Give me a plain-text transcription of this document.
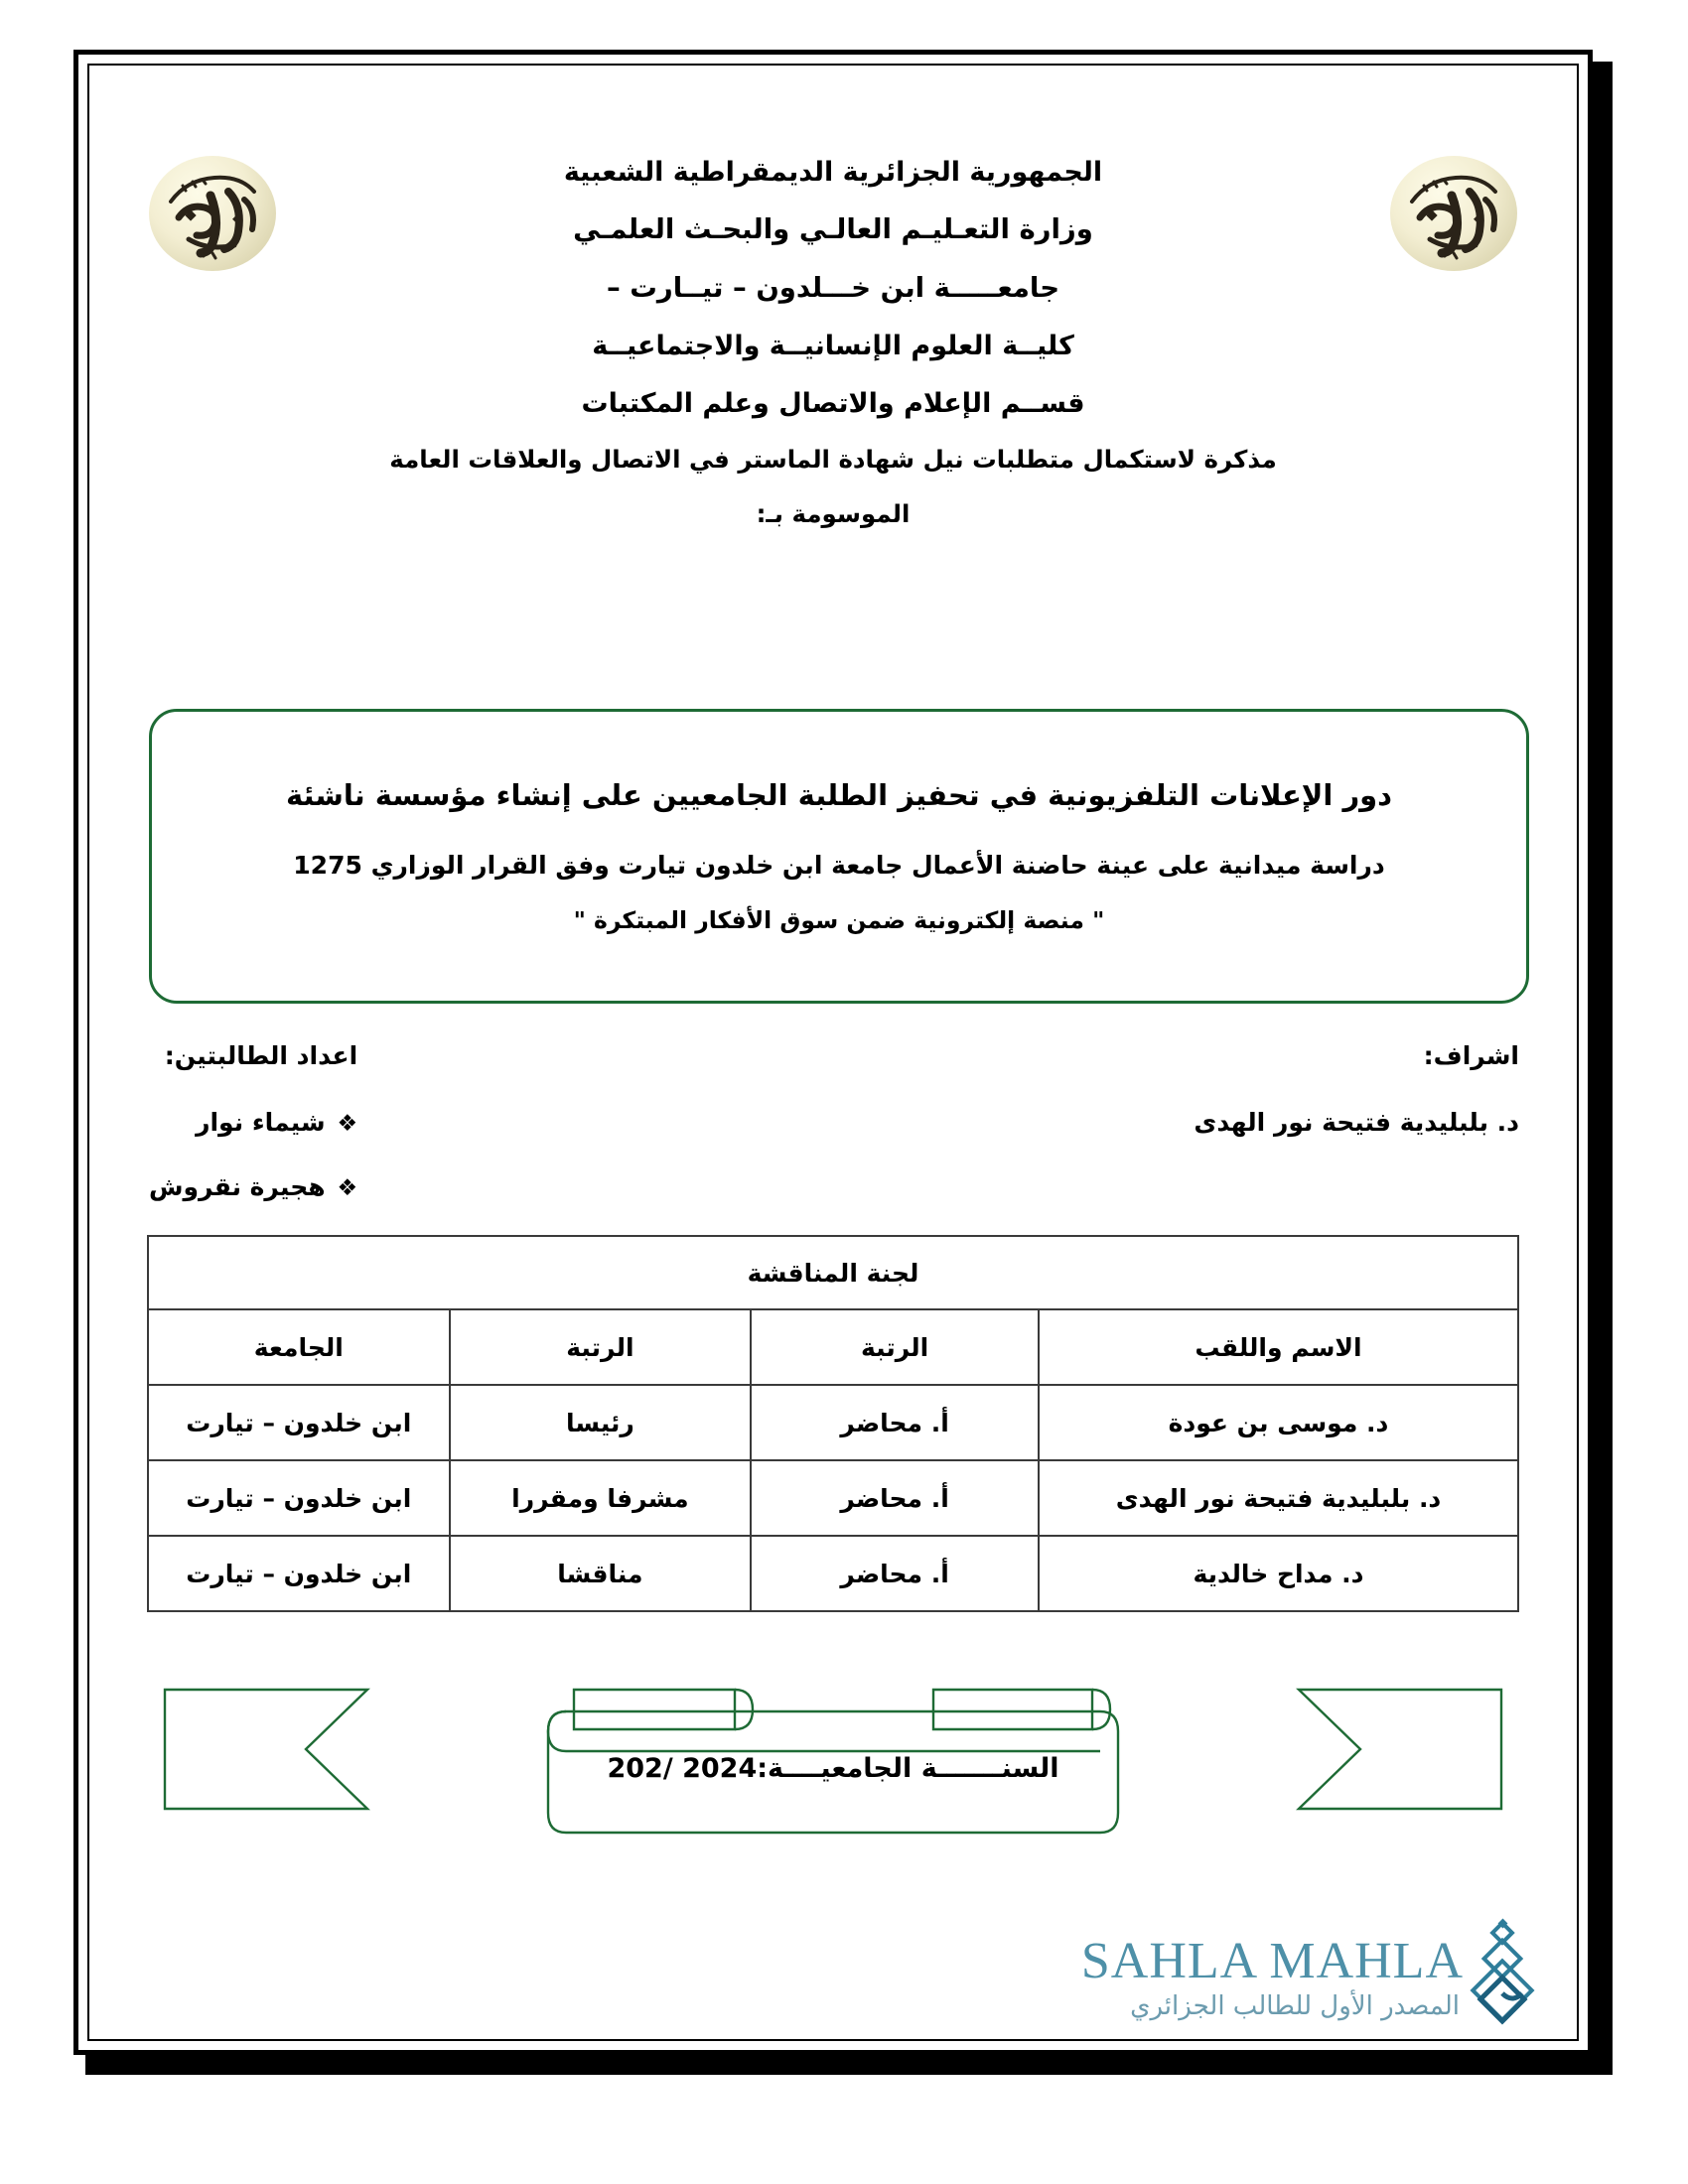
الجمهورية الجزائرية الديمقراطية الشعبية

وزارة التعـليـم العالـي والبحـث العلمـي

جامعـــــة ابن خـــلدون – تيــارت –

كليــة العلوم الإنسانيــة والاجتماعيــة

قســم الإعلام والاتصال وعلم المكتبات

مذكرة لاستكمال متطلبات نيل شهادة الماستر في الاتصال والعلاقات العامة

الموسومة بـ:

دور الإعلانات التلفزيونية في تحفيز الطلبة الجامعيين على إنشاء مؤسسة ناشئة
دراسة ميدانية على عينة حاضنة الأعمال جامعة ابن خلدون تيارت وفق القرار الوزاري 1275
" منصة إلكترونية ضمن سوق الأفكار المبتكرة "
اشراف:
د. بلبليدية فتيحة نور الهدى
اعداد الطالبتين:
❖شيماء نوار
❖هجيرة نقروش
لجنة المناقشة			
الاسم واللقب	الرتبة	الرتبة	الجامعة
د. موسى بن عودة	أ. محاضر	رئيسا	ابن خلدون – تيارت
د. بلبليدية فتيحة نور الهدى	أ. محاضر	مشرفا ومقررا	ابن خلدون – تيارت
د. مداح خالدية	أ. محاضر	مناقشا	ابن خلدون – تيارت
السنـــــــة الجامعيــــة:2024 /202
SAHLA MAHLA
المصدر الأول للطالب الجزائري
